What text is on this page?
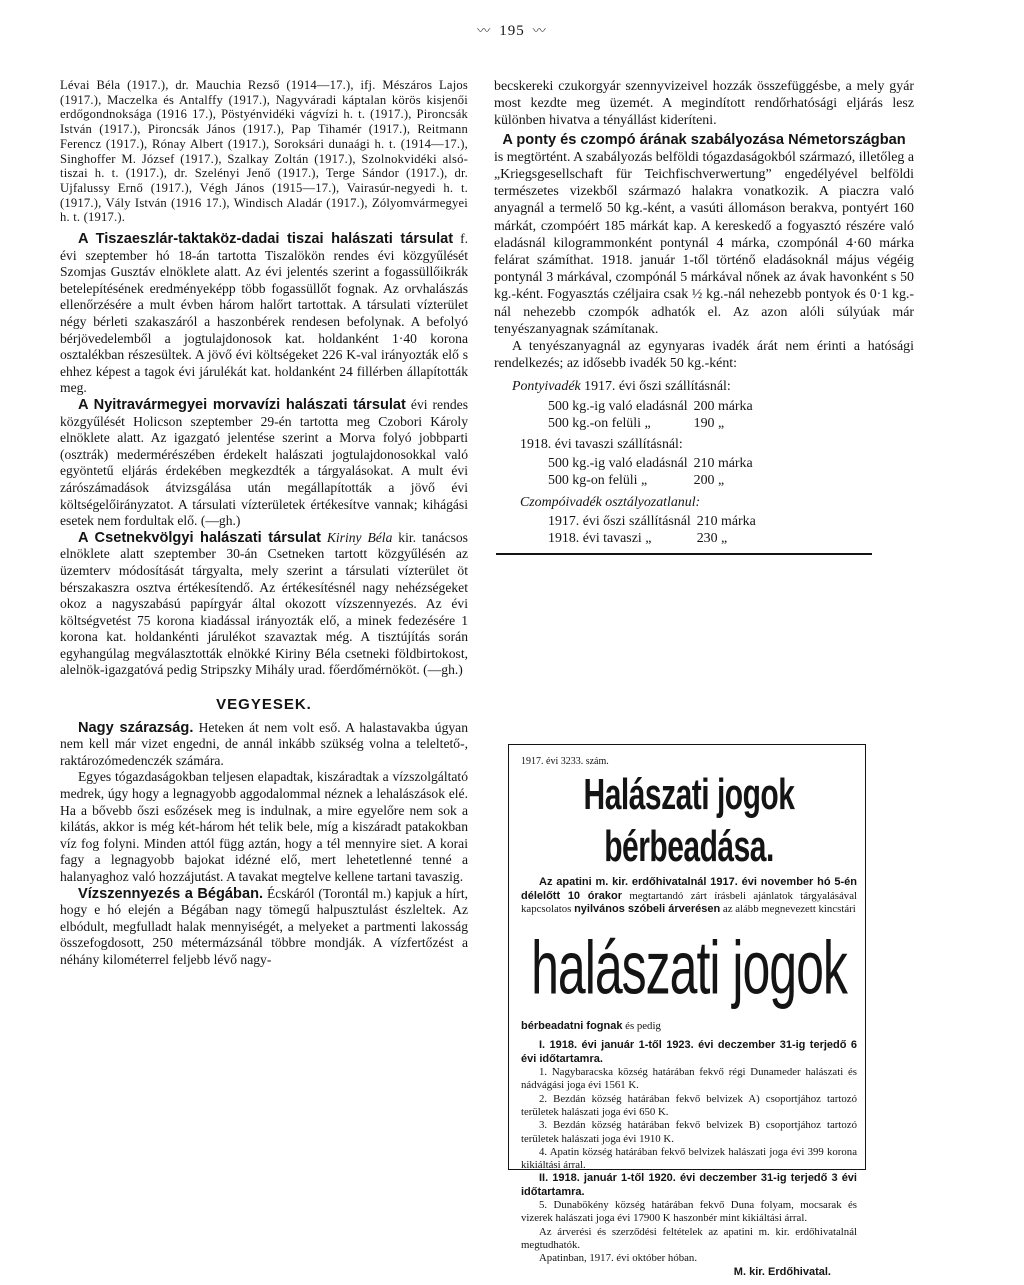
〰 195 〰

Lévai Béla (1917.), dr. Mauchia Rezső (1914—17.), ifj. Mészáros Lajos (1917.), Maczelka és Antalffy (1917.), Nagyváradi káptalan körös kisjenői erdőgondnoksága (1916 17.), Pöstyénvidéki vágvízi h. t. (1917.), Pironcsák István (1917.), Pironcsák János (1917.), Pap Tihamér (1917.), Reitmann Ferencz (1917.), Rónay Albert (1917.), Soroksári dunaági h. t. (1914—17.), Singhoffer M. József (1917.), Szalkay Zoltán (1917.), Szolnokvidéki alsó-tiszai h. t. (1917.), dr. Szelényi Jenő (1917.), Terge Sándor (1917.), dr. Ujfalussy Ernő (1917.), Végh János (1915—17.), Vairasúr-negyedi h. t. (1917.), Vály István (1916 17.), Windisch Aladár (1917.), Zólyomvármegyei h. t. (1917.).

A Tiszaeszlár-taktaköz-dadai tiszai halászati társulat f. évi szeptember hó 18-án tartotta Tiszalökön rendes évi közgyűlését Szomjas Gusztáv elnöklete alatt. Az évi jelentés szerint a fogassüllőikrák betelepítésének eredményeképp több fogassüllőt fognak. Az orvhalászás ellenőrzésére a mult évben három halőrt tartottak. A társulati vízterület négy bérleti szakaszáról a haszonbérek rendesen befolynak. A befolyó bérjövedelemből a jogtulajdonosok kat. holdanként 1·40 korona osztalékban részesültek. A jövő évi költségeket 226 K-val irányozták elő s ehhez képest a tagok évi járulékát kat. holdanként 24 fillérben állapították meg.

A Nyitravármegyei morvavízi halászati társulat évi rendes közgyűlését Holicson szeptember 29-én tartotta meg Czobori Károly elnöklete alatt. Az igazgató jelentése szerint a Morva folyó jobbparti (osztrák) medermérészében érdekelt halászati jogtulajdonosokkal való egyöntetű eljárás érdekében megkezdték a tárgyalásokat. A mult évi zárószámadások átvizsgálása után megállapították a jövő évi költségelőirányzatot. A társulati vízterületek értékesítve vannak; kihágási esetek nem fordultak elő. (—gh.)

A Csetnekvölgyi halászati társulat Kiriny Béla kir. tanácsos elnöklete alatt szeptember 30-án Csetneken tartott közgyűlésén az üzemterv módosítását tárgyalta, mely szerint a társulati vízterület öt bérszakaszra osztva értékesítendő. Az értékesítésnél nagy nehézségeket okoz a nagyszabású papírgyár által okozott vízszennyezés. Az évi költségvetést 75 korona kiadással irányozták elő, a minek fedezésére 1 korona kat. holdankénti járulékot szavaztak még. A tisztújítás során egyhangúlag megválasztották elnökké Kiriny Béla csetneki földbirtokost, alelnök-igazgatóvá pedig Stripszky Mihály urad. főerdőmérnököt. (—gh.)

VEGYESEK.

Nagy szárazság. Heteken át nem volt eső. A halastavakba úgyan nem kell már vizet engedni, de annál inkább szükség volna a teleltető-, raktározómedenczék számára.

Egyes tógazdaságokban teljesen elapadtak, kiszáradtak a vízszolgáltató medrek, úgy hogy a legnagyobb aggodalommal néznek a lehalászások elé. Ha a bővebb őszi esőzések meg is indulnak, a mire egyelőre nem sok a kilátás, akkor is még két-három hét telik bele, míg a kiszáradt patakokban víz fog folyni. Minden attól függ aztán, hogy a tél mennyire siet. A korai fagy a legnagyobb bajokat idézné elő, mert lehetetlenné tenné a halanyaghoz való hozzájutást. A tavakat megtelve kellene tartani tavaszig.

Vízszennyezés a Bégában. Écskáról (Torontál m.) kapjuk a hírt, hogy e hó elején a Bégában nagy tömegű halpusztulást észleltek. Az elbódult, megfulladt halak mennyiségét, a melyeket a partmenti lakosság összefogdosott, 250 métermázsánál többre mondják. A vízfertőzést a néhány kilométerrel feljebb lévő nagy-

becskereki czukorgyár szennyvizeivel hozzák összefüggésbe, a mely gyár most kezdte meg üzemét. A megindított rendőrhatósági eljárás lesz különben hivatva a tényállást kideríteni.

A ponty és czompó árának szabályozása Németországban

is megtörtént. A szabályozás belföldi tógazdaságokból származó, illetőleg a „Kriegsgesellschaft für Teichfischverwertung” engedélyével belföldi természetes vizekből származó halakra vonatkozik. A piaczra való anyagnál a termelő 50 kg.-ként, a vasúti állomáson berakva, pontyért 160 márkát, czompóért 185 márkát kap. A kereskedő a fogyasztó részére való eladásnál kilogrammonként pontynál 4 márka, czompónál 4·60 márka felárat számíthat. 1918. január 1-től történő eladásoknál május végéig pontynál 3 márkával, czompónál 5 márkával nőnek az ávak havonként s 50 kg.-ként. Fogyasztás czéljaira csak ½ kg.-nál nehezebb pontyok és 0·1 kg.-nál nehezebb czompók adhatók el. Az azon alóli súlyúak már tenyészanyagnak számítanak.

A tenyészanyagnál az egynyaras ivadék árát nem érinti a hatósági rendelkezés; az idősebb ivadék 50 kg.-ként:

Pontyivadék 1917. évi őszi szállításnál:

500 kg.-ig való eladásnál	200 márka
500 kg.-on felüli „	190 „

1918. évi tavaszi szállításnál:

500 kg.-ig való eladásnál	210 márka
500 kg-on felüli „	200 „

Czompóivadék osztályozatlanul:

1917. évi őszi szállításnál	210 márka
1918. évi tavaszi „	230 „

1917. évi 3233. szám.

Halászati jogok bérbeadása.

Az apatini m. kir. erdőhivatalnál 1917. évi november hó 5-én délelőtt 10 órakor megtartandó zárt írásbeli ajánlatok tárgyalásával kapcsolatos nyilvános szóbeli árverésen az alább megnevezett kincstári

halászati jogok

bérbeadatni fognak és pedig

I. 1918. évi január 1-től 1923. évi deczember 31-ig terjedő 6 évi időtartamra.

1. Nagybaracska község határában fekvő régi Dunameder halászati és nádvágási joga évi 1561 K.

2. Bezdán község határában fekvő belvizek A) csoportjához tartozó területek halászati joga évi 650 K.

3. Bezdán község határában fekvő belvizek B) csoportjához tartozó területek halászati joga évi 1910 K.

4. Apatin község határában fekvő belvizek halászati joga évi 399 korona kikiáltási árral.

II. 1918. január 1-től 1920. évi deczember 31-ig terjedő 3 évi időtartamra.

5. Dunabökény község határában fekvő Duna folyam, mocsarak és vizerek halászati joga évi 17900 K haszonbér mint kikiáltási árral.

Az árverési és szerződési feltételek az apatini m. kir. erdőhivatalnál megtudhatók.

Apatinban, 1917. évi október hóban.

M. kir. Erdőhivatal.
